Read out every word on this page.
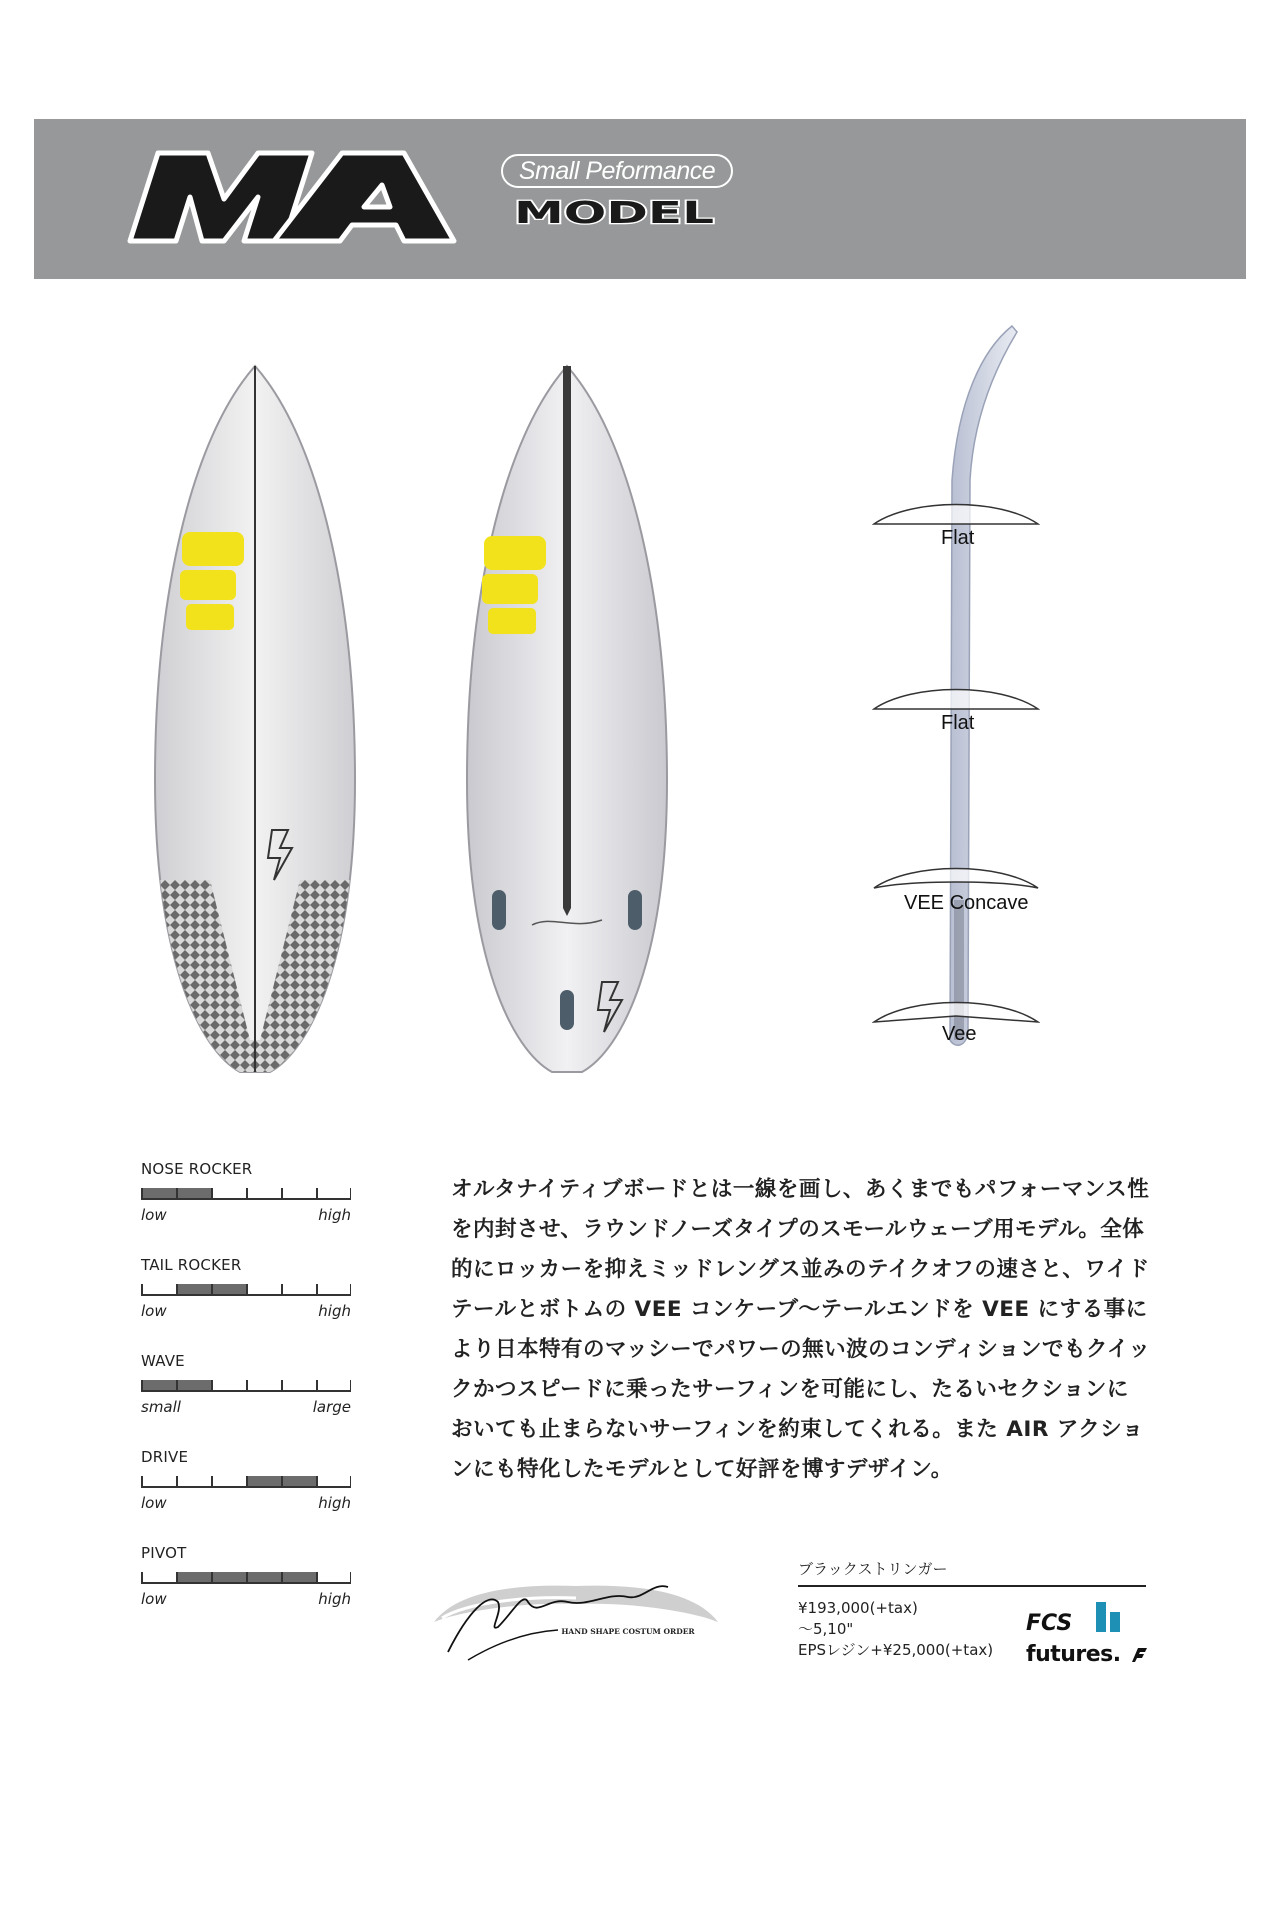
MA
Small Peformance
MODEL
Flat
Flat
VEE Concave
Vee
NOSE ROCKER
low	high
TAIL ROCKER
low	high
WAVE
small	large
DRIVE
low	high
PIVOT
low	high
オルタナイティブボードとは一線を画し、あくまでもパフォーマンス性
を内封させ、ラウンドノーズタイプのスモールウェーブ用モデル。全体
的にロッカーを抑えミッドレングス並みのテイクオフの速さと、ワイド
テールとボトムの VEE コンケーブ〜テールエンドを VEE にする事に
より日本特有のマッシーでパワーの無い波のコンディションでもクイッ
クかつスピードに乗ったサーフィンを可能にし、たるいセクションに
おいても止まらないサーフィンを約束してくれる。また AIR アクショ
ンにも特化したモデルとして好評を博すデザイン。
HAND SHAPE COSTUM ORDER
ブラックストリンガー
¥193,000(+tax)
〜5,10"
EPSレジン+¥25,000(+tax)
FCS
futures.
